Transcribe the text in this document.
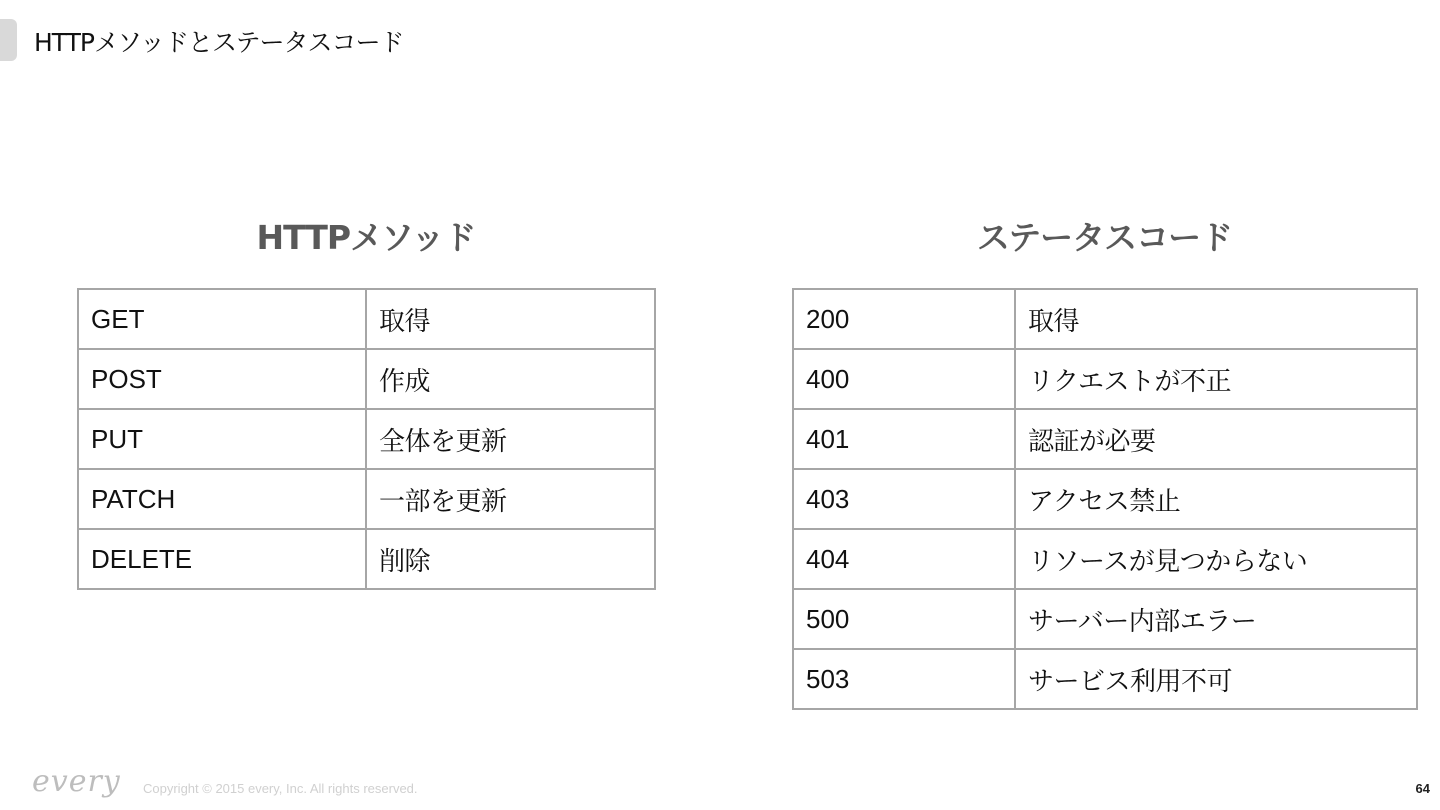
HTTPメソッドとステータスコード
HTTPメソッド	ステータスコード
GET	取得
POST	作成
PUT	全体を更新
PATCH	一部を更新
DELETE	削除
200	取得
400	リクエストが不正
401	認証が必要
403	アクセス禁止
404	リソースが見つからない
500	サーバー内部エラー
503	サービス利用不可
every Copyright © 2015 every, Inc. All rights reserved.	64
